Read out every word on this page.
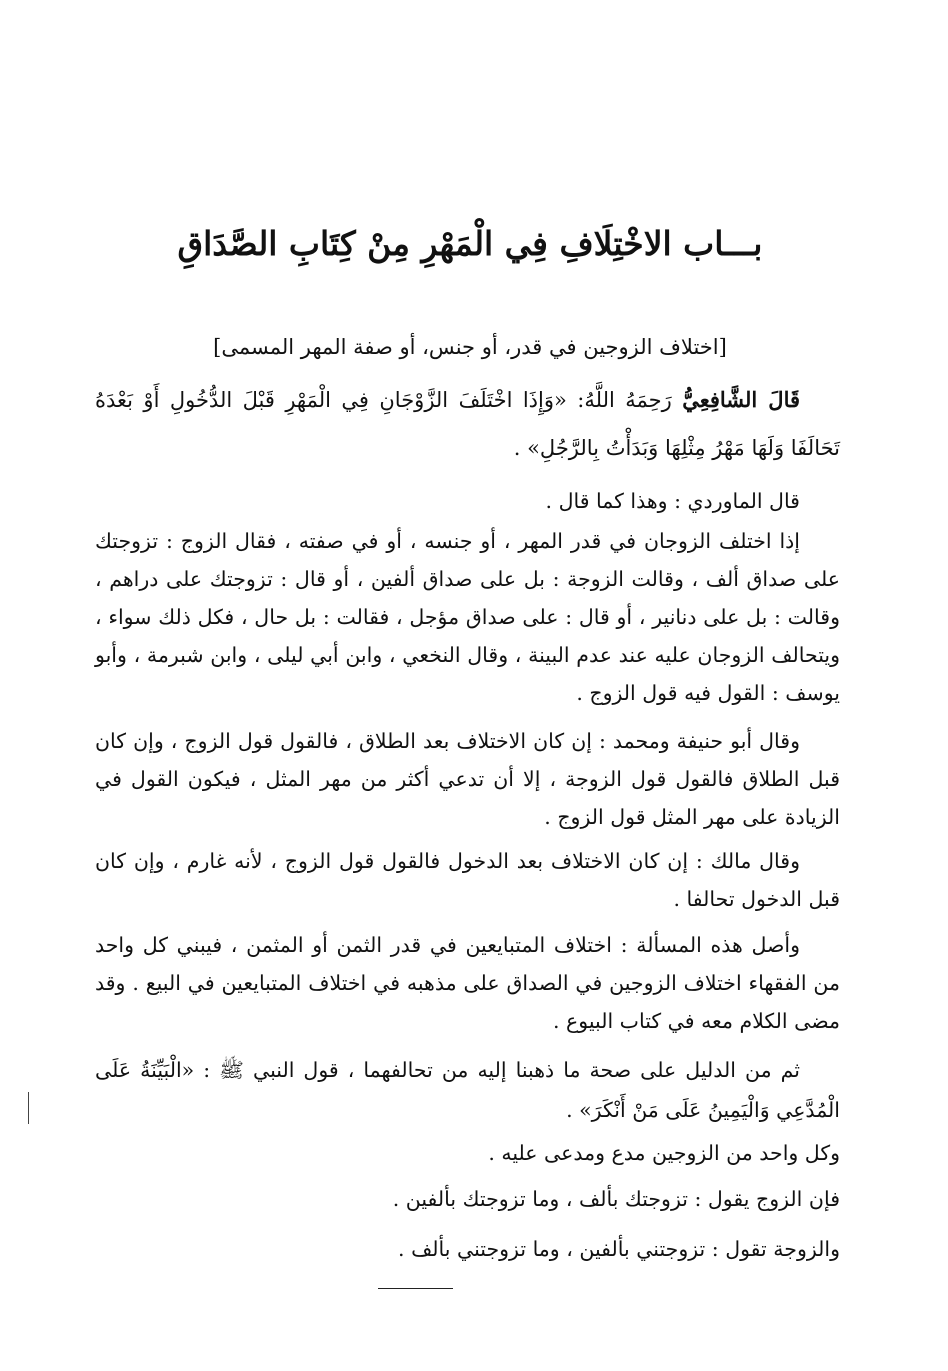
بـــاب الاخْتِلَافِ فِي الْمَهْرِ مِنْ كِتَابِ الصَّدَاقِ
[اختلاف الزوجين في قدر، أو جنس، أو صفة المهر المسمى]
قَالَ الشَّافِعِيُّ رَحِمَهُ اللَّهُ: «وَإِذَا اخْتَلَفَ الزَّوْجَانِ فِي الْمَهْرِ قَبْلَ الدُّخُولِ أَوْ بَعْدَهُ تَحَالَفَا وَلَهَا مَهْرُ مِثْلِهَا وَبَدَأْتُ بِالرَّجُلِ» .
قال الماوردي : وهذا كما قال .
إذا اختلف الزوجان في قدر المهر ، أو جنسه ، أو في صفته ، فقال الزوج : تزوجتك على صداق ألف ، وقالت الزوجة : بل على صداق ألفين ، أو قال : تزوجتك على دراهم ، وقالت : بل على دنانير ، أو قال : على صداق مؤجل ، فقالت : بل حال ، فكل ذلك سواء ، ويتحالف الزوجان عليه عند عدم البينة ، وقال النخعي ، وابن أبي ليلى ، وابن شبرمة ، وأبو يوسف : القول فيه قول الزوج .
وقال أبو حنيفة ومحمد : إن كان الاختلاف بعد الطلاق ، فالقول قول الزوج ، وإن كان قبل الطلاق فالقول قول الزوجة ، إلا أن تدعي أكثر من مهر المثل ، فيكون القول في الزيادة على مهر المثل قول الزوج .
وقال مالك : إن كان الاختلاف بعد الدخول فالقول قول الزوج ، لأنه غارم ، وإن كان قبل الدخول تحالفا .
وأصل هذه المسألة : اختلاف المتبايعين في قدر الثمن أو المثمن ، فيبني كل واحد من الفقهاء اختلاف الزوجين في الصداق على مذهبه في اختلاف المتبايعين في البيع . وقد مضى الكلام معه في كتاب البيوع .
ثم من الدليل على صحة ما ذهبنا إليه من تحالفهما ، قول النبي ﷺ : «الْبَيِّنَةُ عَلَى الْمُدَّعِي وَالْيَمِينُ عَلَى مَنْ أَنْكَرَ» .
وكل واحد من الزوجين مدع ومدعى عليه .
فإن الزوج يقول : تزوجتك بألف ، وما تزوجتك بألفين .
والزوجة تقول : تزوجتني بألفين ، وما تزوجتني بألف .
